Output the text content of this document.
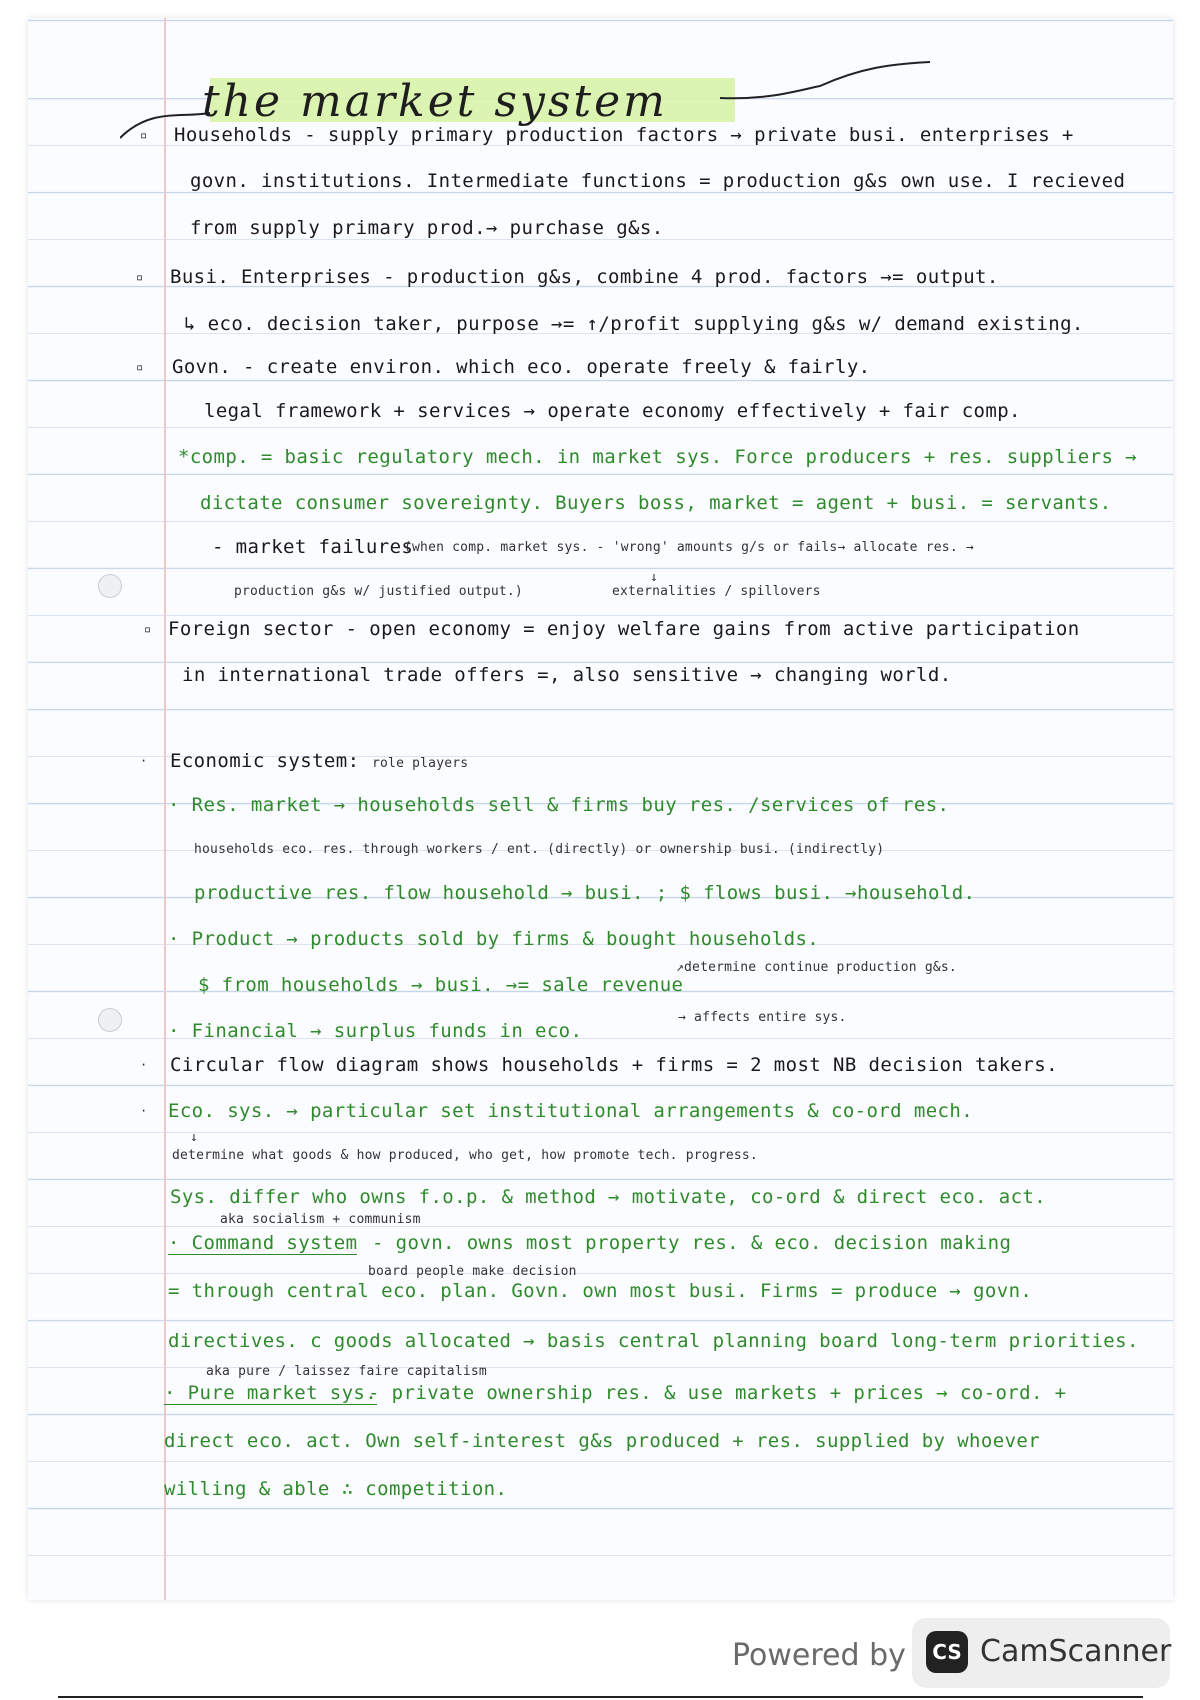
the market system
▫ Households - supply primary production factors → private busi. enterprises +
govn. institutions. Intermediate functions = production g&s own use. I recieved
from supply primary prod.→ purchase g&s.
▫ Busi. Enterprises - production g&s, combine 4 prod. factors →= output.
↳ eco. decision taker, purpose →= ↑/profit supplying g&s w/ demand existing.
▫ Govn. - create environ. which eco. operate freely & fairly.
legal framework + services → operate economy effectively + fair comp.
*comp. = basic regulatory mech. in market sys. Force producers + res. suppliers →
dictate consumer sovereignty. Buyers boss, market = agent + busi. = servants.
- market failures
(when comp. market sys. - 'wrong' amounts g/s or fails→ allocate res. →
production g&s w/ justified output.)
↓
externalities / spillovers
▫ Foreign sector - open economy = enjoy welfare gains from active participation
in international trade offers =, also sensitive → changing world.
· Economic system: role players
· Res. market → households sell & firms buy res. /services of res.
households eco. res. through workers / ent. (directly) or ownership busi. (indirectly)
productive res. flow household → busi. ; $ flows busi. →household.
· Product → products sold by firms & bought households.
$ from households → busi. →= sale revenue
↗determine continue production g&s.
· Financial → surplus funds in eco.
→ affects entire sys.
· Circular flow diagram shows households + firms = 2 most NB decision takers.
· Eco. sys. → particular set institutional arrangements & co-ord mech.
↓
determine what goods & how produced, who get, how promote tech. progress.
Sys. differ who owns f.o.p. & method → motivate, co-ord & direct eco. act.
aka socialism + communism
· Command system - govn. owns most property res. & eco. decision making
board people make decision
= through central eco. plan. Govn. own most busi. Firms = produce → govn.
directives. c goods allocated → basis central planning board long-term priorities.
aka pure / laissez faire capitalism
· Pure market sys.
- private ownership res. & use markets + prices → co-ord. +
direct eco. act. Own self-interest g&s produced + res. supplied by whoever
willing & able ∴ competition.
Powered by	CS CamScanner
